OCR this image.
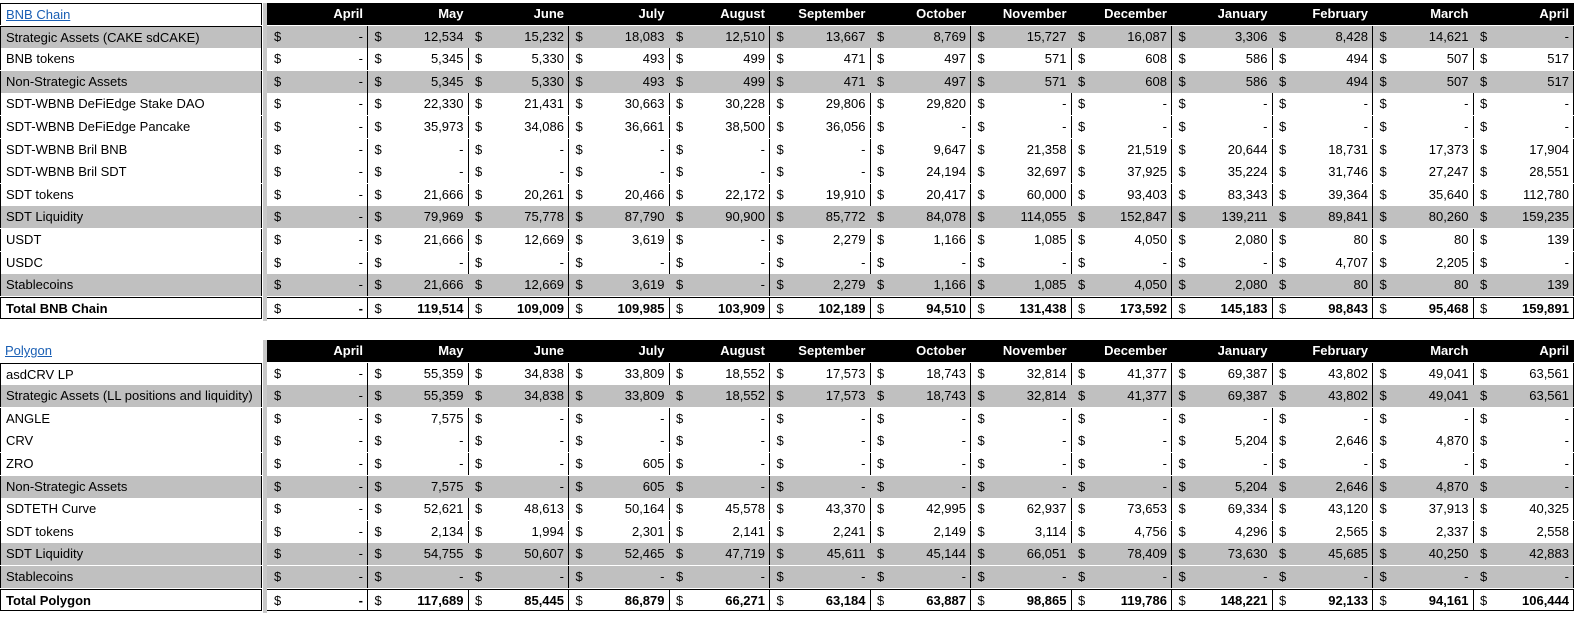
BNB Chain	April	May	June	July	August	September	October	November	December	January	February	March	April
Strategic Assets (CAKE sdCAKE)	$	- $	12,534 $	15,232 $	18,083 $	12,510 $	13,667 $	8,769 $	15,727 $	16,087 $	3,306 $	8,428 $	14,621 $	-
BNB tokens	$	- $	5,345 $	5,330 $	493 $	499 $	471 $	497 $	571 $	608 $	586 $	494 $	507 $	517
Non-Strategic Assets	$	- $	5,345 $	5,330 $	493 $	499 $	471 $	497 $	571 $	608 $	586 $	494 $	507 $	517
SDT-WBNB DeFiEdge Stake DAO	$	- $	22,330 $	21,431 $	30,663 $	30,228 $	29,806 $	29,820 $	- $	- $	- $	- $	- $	-
SDT-WBNB DeFiEdge Pancake	$	- $	35,973 $	34,086 $	36,661 $	38,500 $	36,056 $	- $	- $	- $	- $	- $	- $	-
SDT-WBNB Bril BNB	$	- $	- $	- $	- $	- $	- $	9,647 $	21,358 $	21,519 $	20,644 $	18,731 $	17,373 $	17,904
SDT-WBNB Bril SDT	$	- $	- $	- $	- $	- $	- $	24,194 $	32,697 $	37,925 $	35,224 $	31,746 $	27,247 $	28,551
SDT tokens	$	- $	21,666 $	20,261 $	20,466 $	22,172 $	19,910 $	20,417 $	60,000 $	93,403 $	83,343 $	39,364 $	35,640 $	112,780
SDT Liquidity	$	- $	79,969 $	75,778 $	87,790 $	90,900 $	85,772 $	84,078 $	114,055 $	152,847 $	139,211 $	89,841 $	80,260 $	159,235
USDT	$	- $	21,666 $	12,669 $	3,619 $	- $	2,279 $	1,166 $	1,085 $	4,050 $	2,080 $	80 $	80 $	139
USDC	$	- $	- $	- $	- $	- $	- $	- $	- $	- $	- $	4,707 $	2,205 $	-
Stablecoins	$	- $	21,666 $	12,669 $	3,619 $	- $	2,279 $	1,166 $	1,085 $	4,050 $	2,080 $	80 $	80 $	139
Total BNB Chain	$	- $	119,514 $	109,009 $	109,985 $	103,909 $	102,189 $	94,510 $	131,438 $	173,592 $	145,183 $	98,843 $	95,468 $	159,891
Polygon	April	May	June	July	August	September	October	November	December	January	February	March	April
asdCRV LP	$	- $	55,359 $	34,838 $	33,809 $	18,552 $	17,573 $	18,743 $	32,814 $	41,377 $	69,387 $	43,802 $	49,041 $	63,561
Strategic Assets (LL positions and liquidity)	$	- $	55,359 $	34,838 $	33,809 $	18,552 $	17,573 $	18,743 $	32,814 $	41,377 $	69,387 $	43,802 $	49,041 $	63,561
ANGLE	$	- $	7,575 $	- $	- $	- $	- $	- $	- $	- $	- $	- $	- $	-
CRV	$	- $	- $	- $	- $	- $	- $	- $	- $	- $	5,204 $	2,646 $	4,870 $	-
ZRO	$	- $	- $	- $	605 $	- $	- $	- $	- $	- $	- $	- $	- $	-
Non-Strategic Assets	$	- $	7,575 $	- $	605 $	- $	- $	- $	- $	- $	5,204 $	2,646 $	4,870 $	-
SDTETH Curve	$	- $	52,621 $	48,613 $	50,164 $	45,578 $	43,370 $	42,995 $	62,937 $	73,653 $	69,334 $	43,120 $	37,913 $	40,325
SDT tokens	$	- $	2,134 $	1,994 $	2,301 $	2,141 $	2,241 $	2,149 $	3,114 $	4,756 $	4,296 $	2,565 $	2,337 $	2,558
SDT Liquidity	$	- $	54,755 $	50,607 $	52,465 $	47,719 $	45,611 $	45,144 $	66,051 $	78,409 $	73,630 $	45,685 $	40,250 $	42,883
Stablecoins	$	- $	- $	- $	- $	- $	- $	- $	- $	- $	- $	- $	- $	-
Total Polygon	$	- $	117,689 $	85,445 $	86,879 $	66,271 $	63,184 $	63,887 $	98,865 $	119,786 $	148,221 $	92,133 $	94,161 $	106,444
